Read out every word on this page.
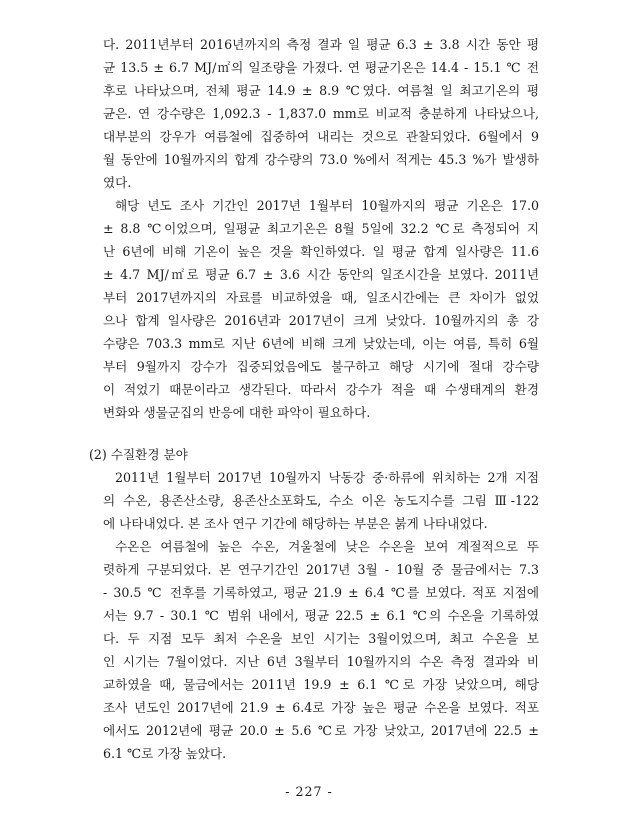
다. 2011년부터 2016년까지의 측정 결과 일 평균 6.3 ± 3.8 시간 동안 평
균 13.5 ± 6.7 MJ/㎡의 일조량을 가졌다. 연 평균기온은 14.4 - 15.1 ℃ 전
후로 나타났으며, 전체 평균 14.9 ± 8.9 ℃였다. 여름철 일 최고기온의 평
균은. 연 강수량은 1,092.3 - 1,837.0 mm로 비교적 충분하게 나타났으나,
대부분의 강우가 여름철에 집중하여 내리는 것으로 관찰되었다. 6월에서 9
월 동안에 10월까지의 합계 강수량의 73.0 %에서 적게는 45.3 %가 발생하
였다.
해당 년도 조사 기간인 2017년 1월부터 10월까지의 평균 기온은 17.0
± 8.8 ℃이었으며, 일평균 최고기온은 8월 5일에 32.2 ℃로 측정되어 지
난 6년에 비해 기온이 높은 것을 확인하였다. 일 평균 합계 일사량은 11.6
± 4.7 MJ/㎡로 평균 6.7 ± 3.6 시간 동안의 일조시간을 보였다. 2011년
부터 2017년까지의 자료를 비교하였을 때, 일조시간에는 큰 차이가 없었
으나 합계 일사량은 2016년과 2017년이 크게 낮았다. 10월까지의 총 강
수량은 703.3 mm로 지난 6년에 비해 크게 낮았는데, 이는 여름, 특히 6월
부터 9월까지 강수가 집중되었음에도 불구하고 해당 시기에 절대 강수량
이 적었기 때문이라고 생각된다. 따라서 강수가 적을 때 수생태계의 환경
변화와 생물군집의 반응에 대한 파악이 필요하다.
(2) 수질환경 분야
2011년 1월부터 2017년 10월까지 낙동강 중·하류에 위치하는 2개 지점
의 수온, 용존산소량, 용존산소포화도, 수소 이온 농도지수를 그림 Ⅲ-122
에 나타내었다. 본 조사 연구 기간에 해당하는 부분은 붉게 나타내었다.
수온은 여름철에 높은 수온, 겨울철에 낮은 수온을 보여 계절적으로 뚜
렷하게 구분되었다. 본 연구기간인 2017년 3월 - 10월 중 물금에서는 7.3
- 30.5 ℃ 전후를 기록하였고, 평균 21.9 ± 6.4 ℃를 보였다. 적포 지점에
서는 9.7 - 30.1 ℃ 범위 내에서, 평균 22.5 ± 6.1 ℃의 수온을 기록하였
다. 두 지점 모두 최저 수온을 보인 시기는 3월이었으며, 최고 수온을 보
인 시기는 7월이었다. 지난 6년 3월부터 10월까지의 수온 측정 결과와 비
교하였을 때, 물금에서는 2011년 19.9 ± 6.1 ℃로 가장 낮았으며, 해당
조사 년도인 2017년에 21.9 ± 6.4로 가장 높은 평균 수온을 보였다. 적포
에서도 2012년에 평균 20.0 ± 5.6 ℃로 가장 낮았고, 2017년에 22.5 ±
6.1 ℃로 가장 높았다.
- 227 -
